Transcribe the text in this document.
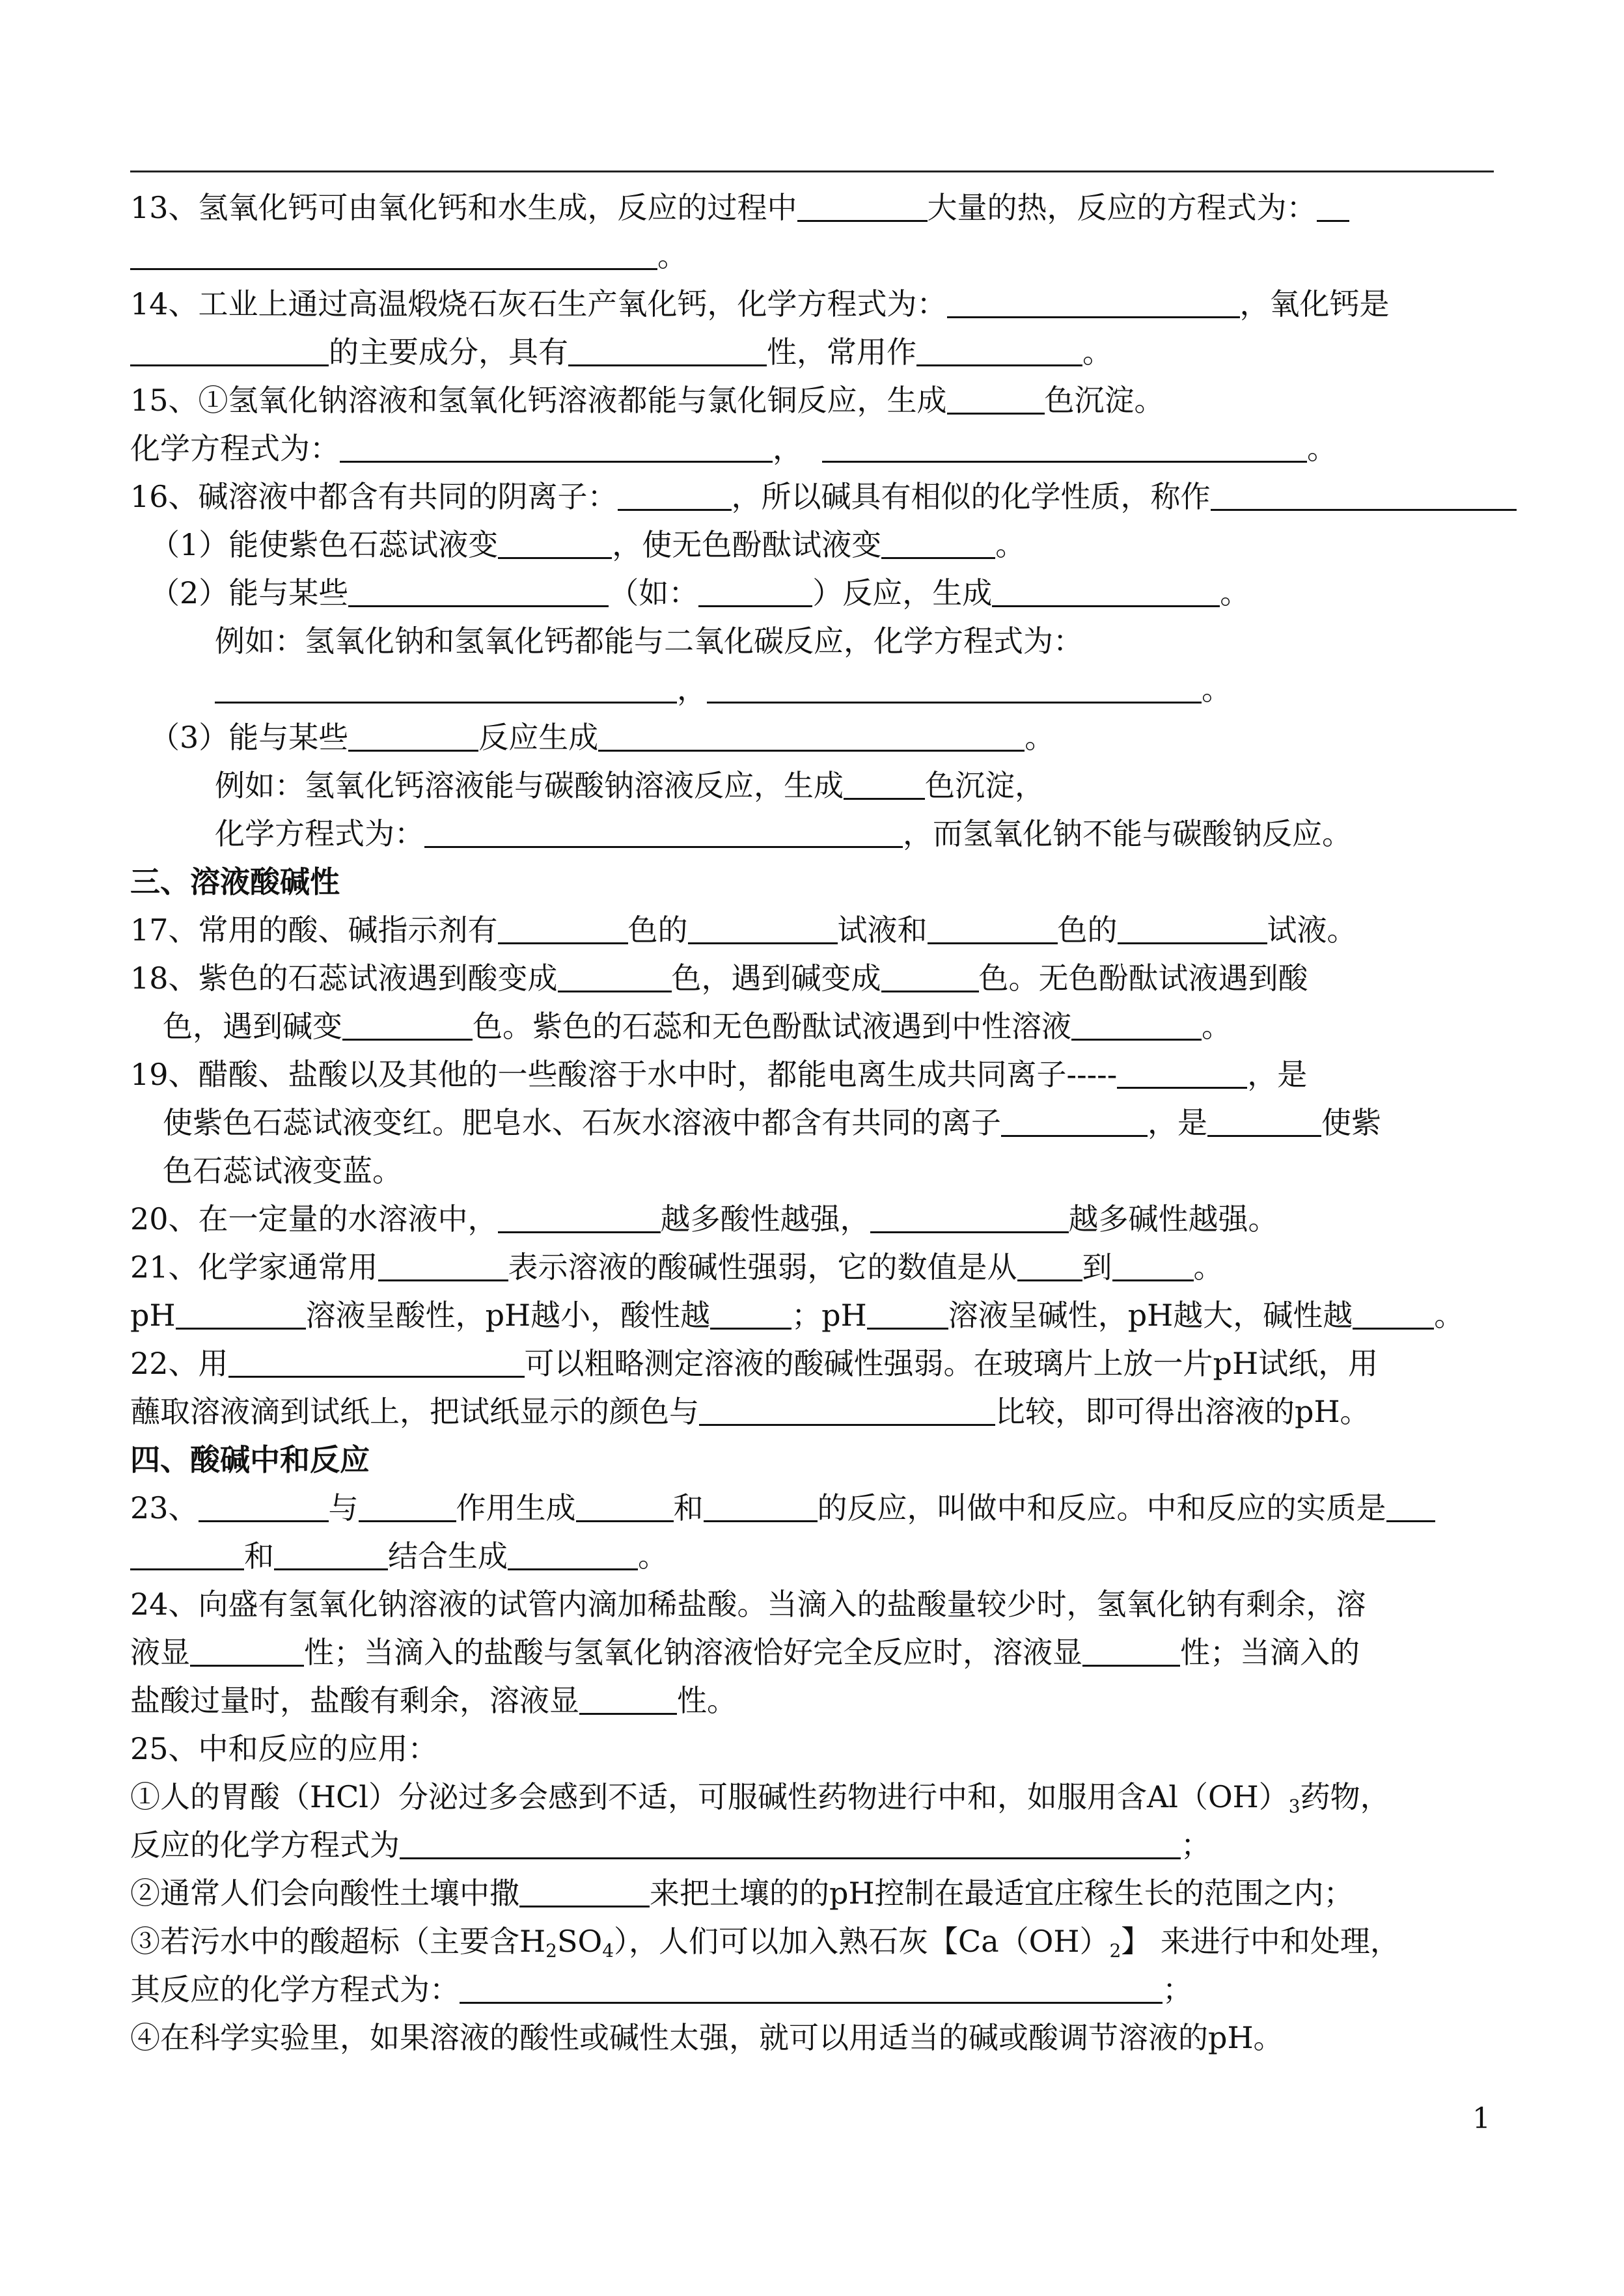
13、氢氧化钙可由氧化钙和水生成，反应的过程中	大量的热，反应的方程式为：
。
14、工业上通过高温煅烧石灰石生产氧化钙，化学方程式为：	，氧化钙是
的主要成分，具有	性，常用作	。
15、①氢氧化钠溶液和氢氧化钙溶液都能与氯化铜反应，生成	色沉淀。
化学方程式为：	，	。
16、碱溶液中都含有共同的阴离子：	，所以碱具有相似的化学性质，称作
（1）能使紫色石蕊试液变	，使无色酚酞试液变	。
（2）能与某些	（如：	）反应，生成	。
例如：氢氧化钠和氢氧化钙都能与二氧化碳反应，化学方程式为：
，	。
（3）能与某些	反应生成	。
例如：氢氧化钙溶液能与碳酸钠溶液反应，生成	色沉淀，
化学方程式为：	，而氢氧化钠不能与碳酸钠反应。
三、溶液酸碱性
17、常用的酸、碱指示剂有	色的	试液和	色的	试液。
18、紫色的石蕊试液遇到酸变成	色，遇到碱变成	色。无色酚酞试液遇到酸
色，遇到碱变	色。紫色的石蕊和无色酚酞试液遇到中性溶液	。
19、醋酸、盐酸以及其他的一些酸溶于水中时，都能电离生成共同离子-----	，是
使紫色石蕊试液变红。肥皂水、石灰水溶液中都含有共同的离子	，是	使紫
色石蕊试液变蓝。
20、在一定量的水溶液中，	越多酸性越强，	越多碱性越强。
21、化学家通常用	表示溶液的酸碱性强弱，它的数值是从 到	。
pH	溶液呈酸性，pH越小，酸性越	；pH	溶液呈碱性，pH越大，碱性越	。
22、用	可以粗略测定溶液的酸碱性强弱。在玻璃片上放一片pH试纸，用
蘸取溶液滴到试纸上，把试纸显示的颜色与	比较，即可得出溶液的pH。
四、酸碱中和反应
23、	与	作用生成	和	的反应，叫做中和反应。中和反应的实质是
和	结合生成	。
24、向盛有氢氧化钠溶液的试管内滴加稀盐酸。当滴入的盐酸量较少时，氢氧化钠有剩余，溶
液显	性；当滴入的盐酸与氢氧化钠溶液恰好完全反应时，溶液显	性；当滴入的
盐酸过量时，盐酸有剩余，溶液显	性。
25、中和反应的应用：
①人的胃酸（HCl）分泌过多会感到不适，可服碱性药物进行中和，如服用含$Al(OH)_3$药物，
反应的化学方程式为	；
②通常人们会向酸性土壤中撒	来把土壤的的pH控制在最适宜庄稼生长的范围之内；
③若污水中的酸超标（主要含$H_2SO_4$），人们可以加入熟石灰【$Ca(OH)_2$】 来进行中和处理，
其反应的化学方程式为：	；
④在科学实验里，如果溶液的酸性或碱性太强，就可以用适当的碱或酸调节溶液的pH。
1
